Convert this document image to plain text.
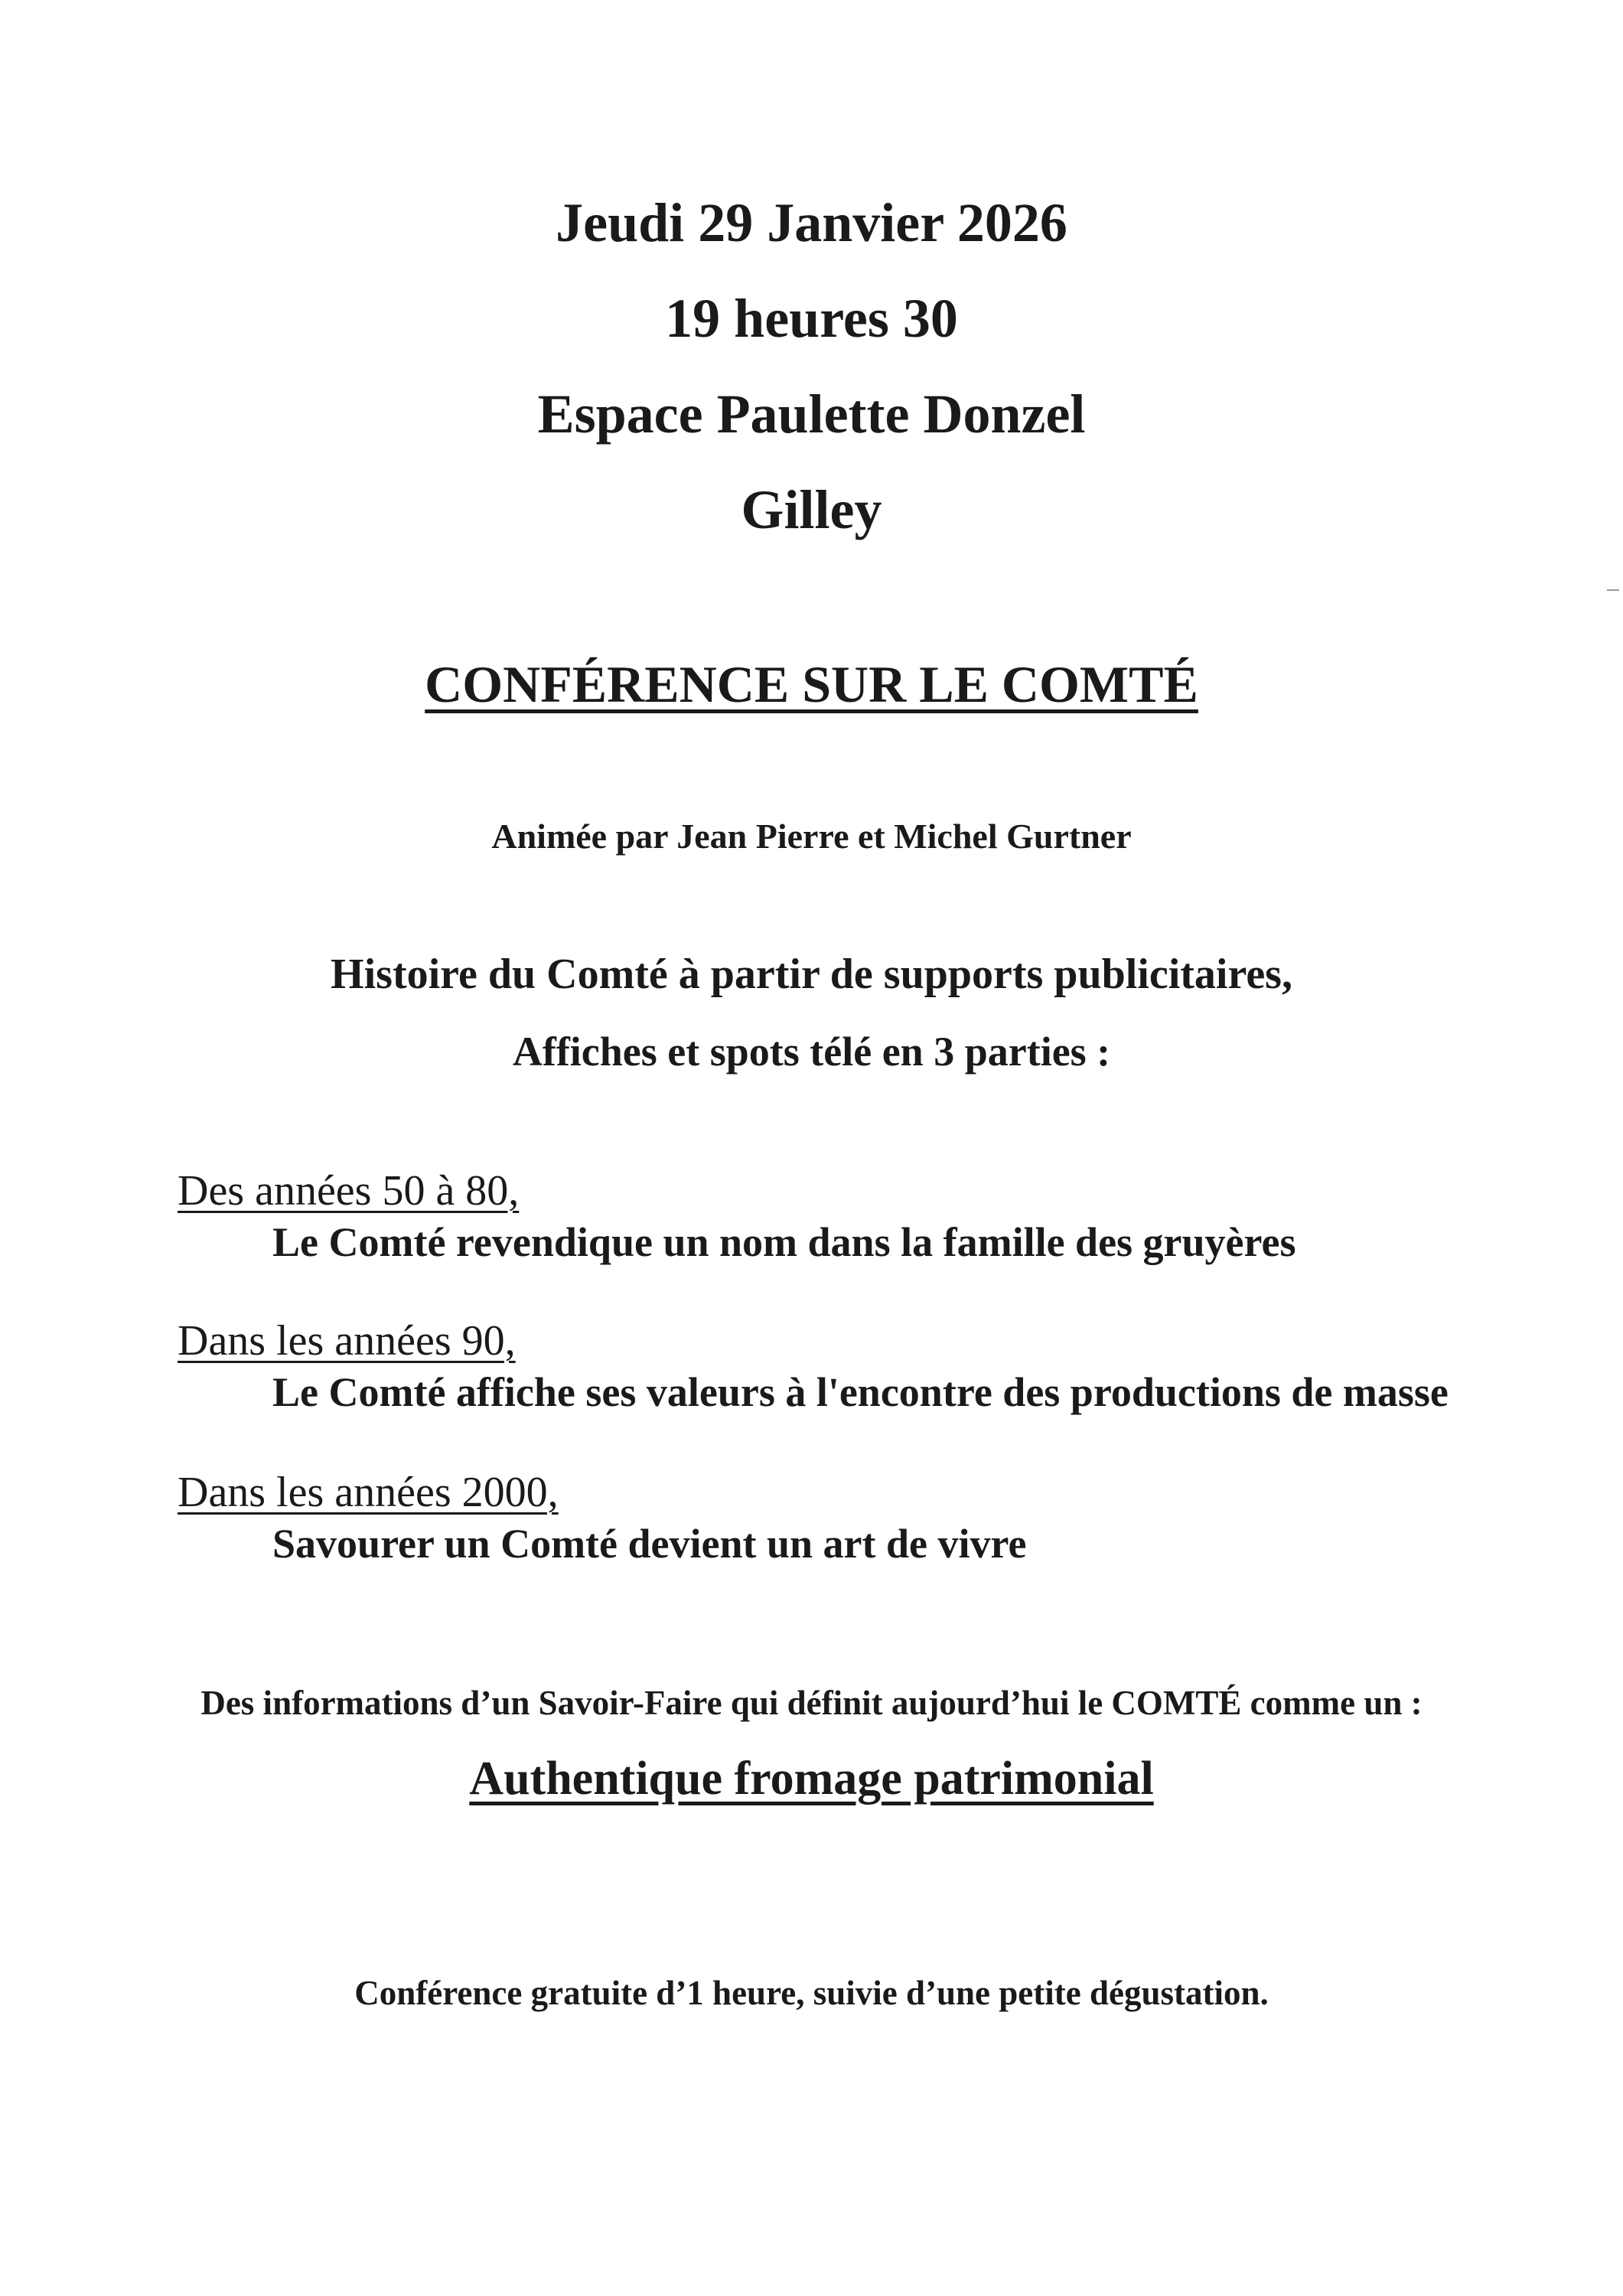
Jeudi 29 Janvier 2026
19 heures 30
Espace Paulette Donzel
Gilley
CONFÉRENCE SUR LE COMTÉ
Animée par Jean Pierre et Michel Gurtner
Histoire du Comté à partir de supports publicitaires,
Affiches et spots télé en 3 parties :
Des années 50 à 80,
Le Comté revendique un nom dans la famille des gruyères
Dans les années 90,
Le Comté affiche ses valeurs à l'encontre des productions de masse
Dans les années 2000,
Savourer un Comté devient un art de vivre
Des informations d’un Savoir-Faire qui définit aujourd’hui le COMTÉ comme un :
Authentique fromage patrimonial
Conférence gratuite d’1 heure, suivie d’une petite dégustation.
